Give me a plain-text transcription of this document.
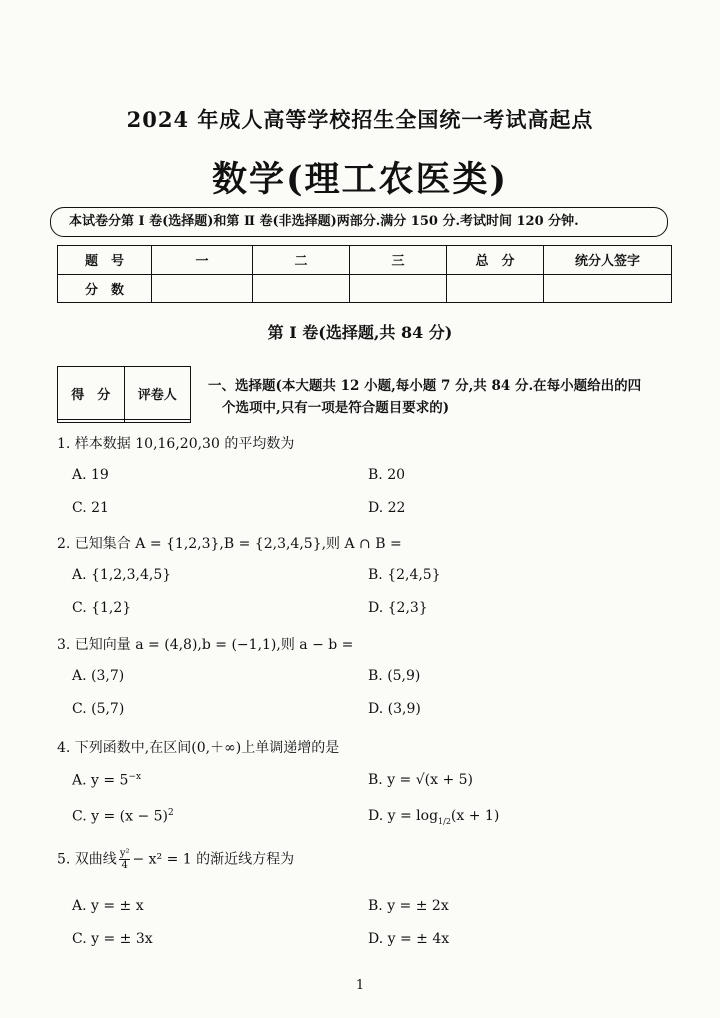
2024 年成人高等学校招生全国统一考试高起点
数学(理工农医类)
本试卷分第 Ⅰ 卷(选择题)和第 Ⅱ 卷(非选择题)两部分.满分 150 分.考试时间 120 分钟.
题　号	一	二	三	总　分	统分人签字
分　数					
第 Ⅰ 卷(选择题,共 84 分)
得　分	评卷人

一、选择题(本大题共 12 小题,每小题 7 分,共 84 分.在每小题给出的四
个选项中,只有一项是符合题目要求的)
1. 样本数据 10,16,20,30 的平均数为
A. 19	B. 20
C. 21	D. 22
2. 已知集合 A = {1,2,3},B = {2,3,4,5},则 A ∩ B =
A. {1,2,3,4,5}	B. {2,4,5}
C. {1,2}	D. {2,3}
3. 已知向量 a = (4,8),b = (−1,1),则 a − b =
A. (3,7)	B. (5,9)
C. (5,7)	D. (3,9)
4. 下列函数中,在区间(0,＋∞)上单调递增的是
A. $y = 5^{-x}$	B. y = √(x + 5)
C. $y = (x - 5)^2$	D. $y = \log_{1/2}(x + 1)$
5. 双曲线 $\frac{\text{y²}}{4} - x^2 = 1$ 的渐近线方程为
A. y = ± x	B. y = ± 2x
C. y = ± 3x	D. y = ± 4x
1
